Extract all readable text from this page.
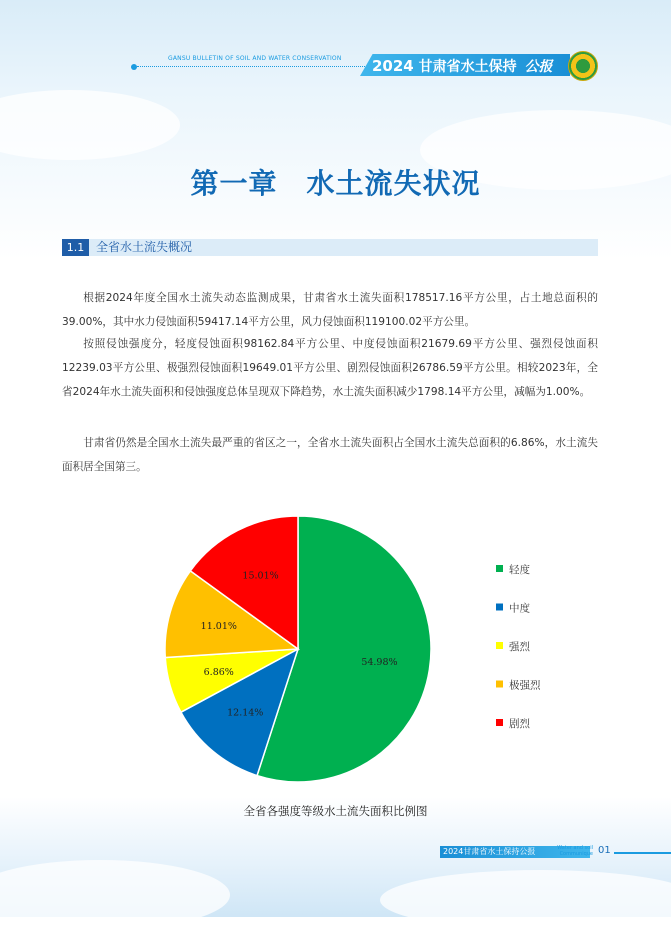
GANSU BULLETIN OF SOIL AND WATER CONSERVATION 2024 甘肃省水土保持 公报
第一章　水土流失状况
1.1 全省水土流失概况

根据2024年度全国水土流失动态监测成果，甘肃省水土流失面积178517.16平方公里，占土地总面积的39.00%，其中水力侵蚀面积59417.14平方公里，风力侵蚀面积119100.02平方公里。

按照侵蚀强度分，轻度侵蚀面积98162.84平方公里、中度侵蚀面积21679.69平方公里、强烈侵蚀面积12239.03平方公里、极强烈侵蚀面积19649.01平方公里、剧烈侵蚀面积26786.59平方公里。相较2023年，全省2024年水土流失面积和侵蚀强度总体呈现双下降趋势，水土流失面积减少1798.14平方公里，减幅为1.00%。

甘肃省仍然是全国水土流失最严重的省区之一，全省水土流失面积占全国水土流失总面积的6.86%，水土流失面积居全国第三。

54.98%
12.14%
6.86%
11.01%
15.01%
轻度
中度
强烈
极强烈
剧烈
全省各强度等级水土流失面积比例图
2024甘肃省水土保持公报	Water and soil
Communique 01
